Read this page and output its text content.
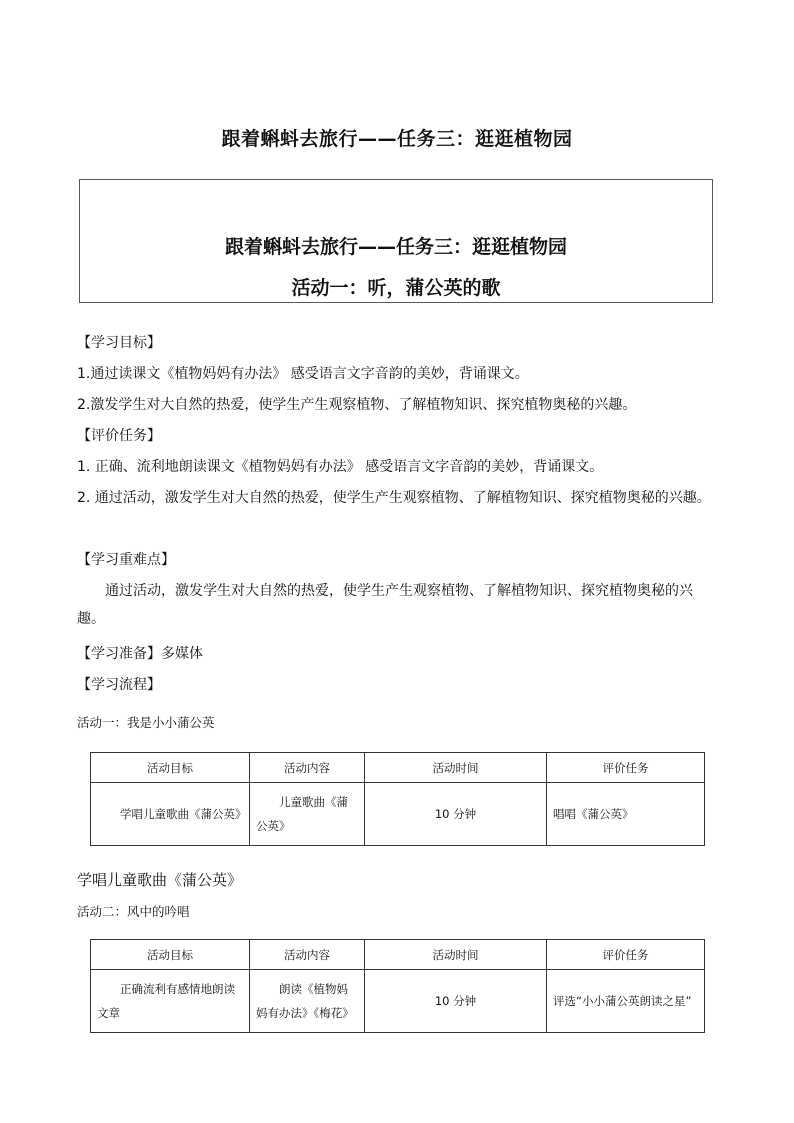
跟着蝌蚪去旅行——任务三：逛逛植物园
跟着蝌蚪去旅行——任务三：逛逛植物园
活动一：听，蒲公英的歌
【学习目标】
1.通过读课文《植物妈妈有办法》 感受语言文字音韵的美妙，背诵课文。
2.激发学生对大自然的热爱，使学生产生观察植物、了解植物知识、探究植物奥秘的兴趣。
【评价任务】
1. 正确、流利地朗读课文《植物妈妈有办法》 感受语言文字音韵的美妙，背诵课文。
2. 通过活动，激发学生对大自然的热爱，使学生产生观察植物、了解植物知识、探究植物奥秘的兴趣。
【学习重难点】
通过活动，激发学生对大自然的热爱，使学生产生观察植物、了解植物知识、探究植物奥秘的兴趣。
【学习准备】多媒体
【学习流程】
活动一：我是小小蒲公英
活动目标	活动内容	活动时间	评价任务
学唱儿童歌曲《蒲公英》	儿童歌曲《蒲公英》	10 分钟	唱唱《蒲公英》
学唱儿童歌曲《蒲公英》
活动二：风中的吟唱
活动目标	活动内容	活动时间	评价任务
正确流利有感情地朗读文章	朗读《植物妈妈有办法》《梅花》	10 分钟	评选“小小蒲公英朗读之星”
